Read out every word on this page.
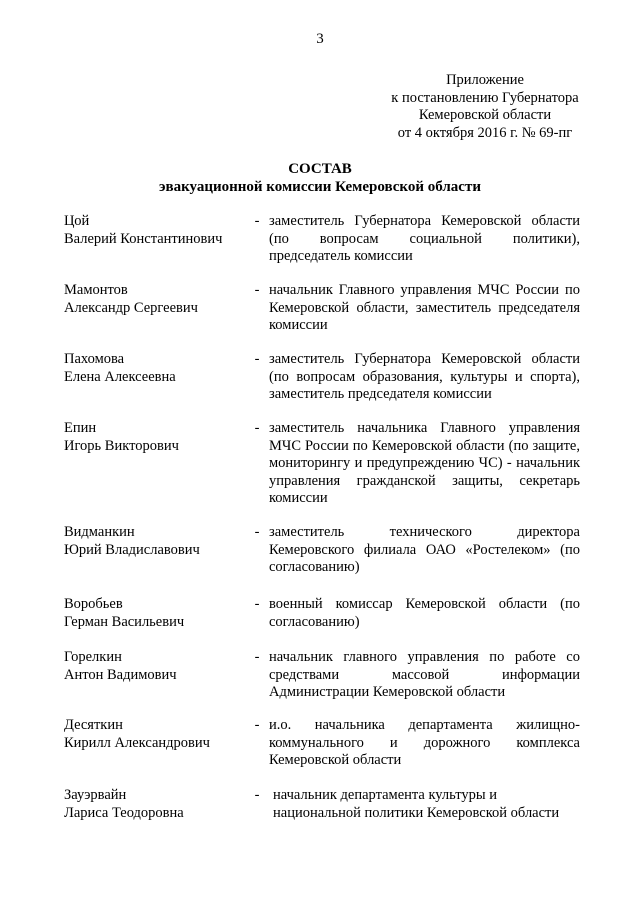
3
Приложение
к постановлению Губернатора
Кемеровской области
от 4 октября 2016 г. № 69-пг
СОСТАВ
эвакуационной комиссии Кемеровской области
Цой
Валерий Константинович
- заместитель Губернатора Кемеровской области (по вопросам социальной политики), председатель комиссии
Мамонтов
Александр Сергеевич
- начальник Главного управления МЧС России по Кемеровской области, заместитель председателя комиссии
Пахомова
Елена Алексеевна
- заместитель Губернатора Кемеровской области (по вопросам образования, культуры и спорта), заместитель председателя комиссии
Епин
Игорь Викторович
- заместитель начальника Главного управления МЧС России по Кемеровской области (по защите, мониторингу и предупреждению ЧС) - начальник управления гражданской защиты, секретарь комиссии
Видманкин
Юрий Владиславович
- заместитель технического директора Кемеровского филиала ОАО «Ростелеком» (по согласованию)
Воробьев
Герман Васильевич
- военный комиссар Кемеровской области (по согласованию)
Горелкин
Антон Вадимович
- начальник главного управления по работе со средствами массовой информации Администрации Кемеровской области
Десяткин
Кирилл Александрович
- и.о. начальника департамента жилищно-коммунального и дорожного комплекса Кемеровской области
Зауэрвайн
Лариса Теодоровна
- начальник департамента культуры и национальной политики Кемеровской области
